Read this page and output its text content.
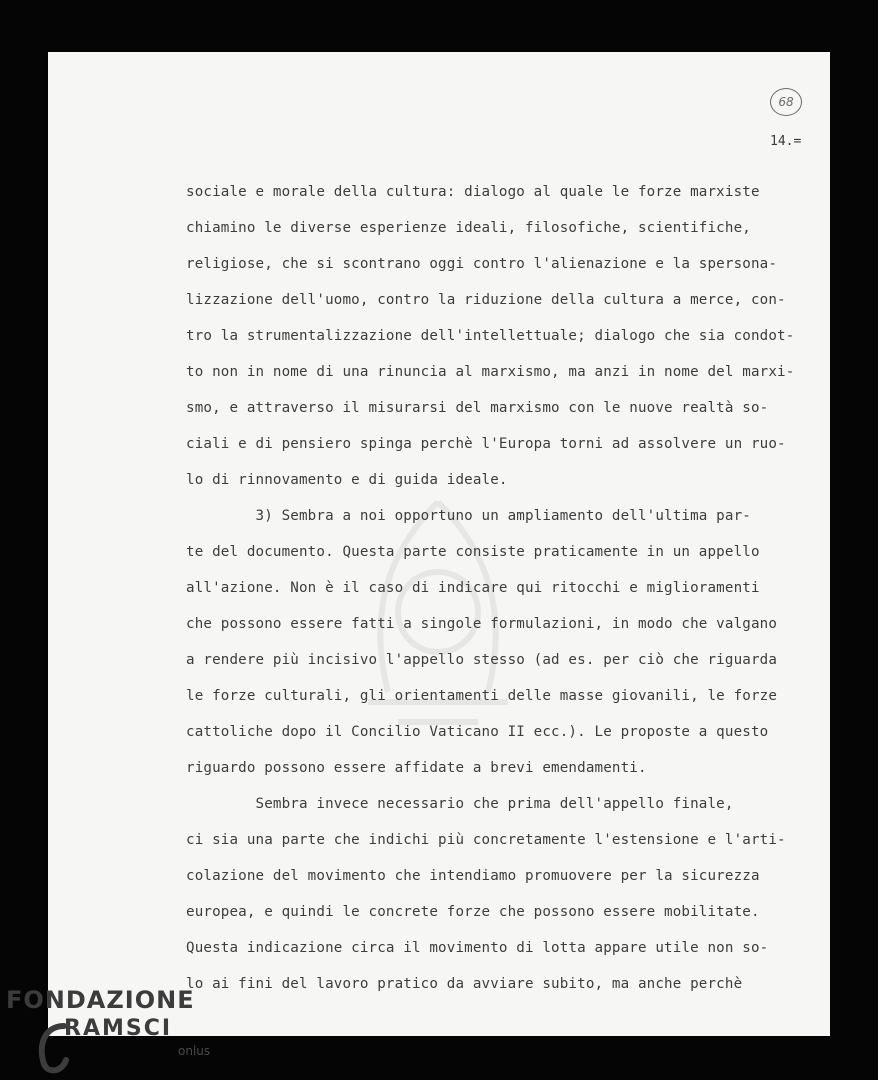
68
14.=
sociale e morale della cultura: dialogo al quale le forze marxiste
chiamino le diverse esperienze ideali, filosofiche, scientifiche,
religiose, che si scontrano oggi contro l'alienazione e la spersona-
lizzazione dell'uomo, contro la riduzione della cultura a merce, con-
tro la strumentalizzazione dell'intellettuale; dialogo che sia condot-
to non in nome di una rinuncia al marxismo, ma anzi in nome del marxi-
smo, e attraverso il misurarsi del marxismo con le nuove realtà so-
ciali e di pensiero spinga perchè l'Europa torni ad assolvere un ruo-
lo di rinnovamento e di guida ideale.
3) Sembra a noi opportuno un ampliamento dell'ultima par-
te del documento. Questa parte consiste praticamente in un appello
all'azione. Non è il caso di indicare qui ritocchi e miglioramenti
che possono essere fatti a singole formulazioni, in modo che valgano
a rendere più incisivo l'appello stesso (ad es. per ciò che riguarda
le forze culturali, gli orientamenti delle masse giovanili, le forze
cattoliche dopo il Concilio Vaticano II ecc.). Le proposte a questo
riguardo possono essere affidate a brevi emendamenti.
Sembra invece necessario che prima dell'appello finale,
ci sia una parte che indichi più concretamente l'estensione e l'arti-
colazione del movimento che intendiamo promuovere per la sicurezza
europea, e quindi le concrete forze che possono essere mobilitate.
Questa indicazione circa il movimento di lotta appare utile non so-
lo ai fini del lavoro pratico da avviare subito, ma anche perchè
FONDAZIONE
RAMSCI
onlus
